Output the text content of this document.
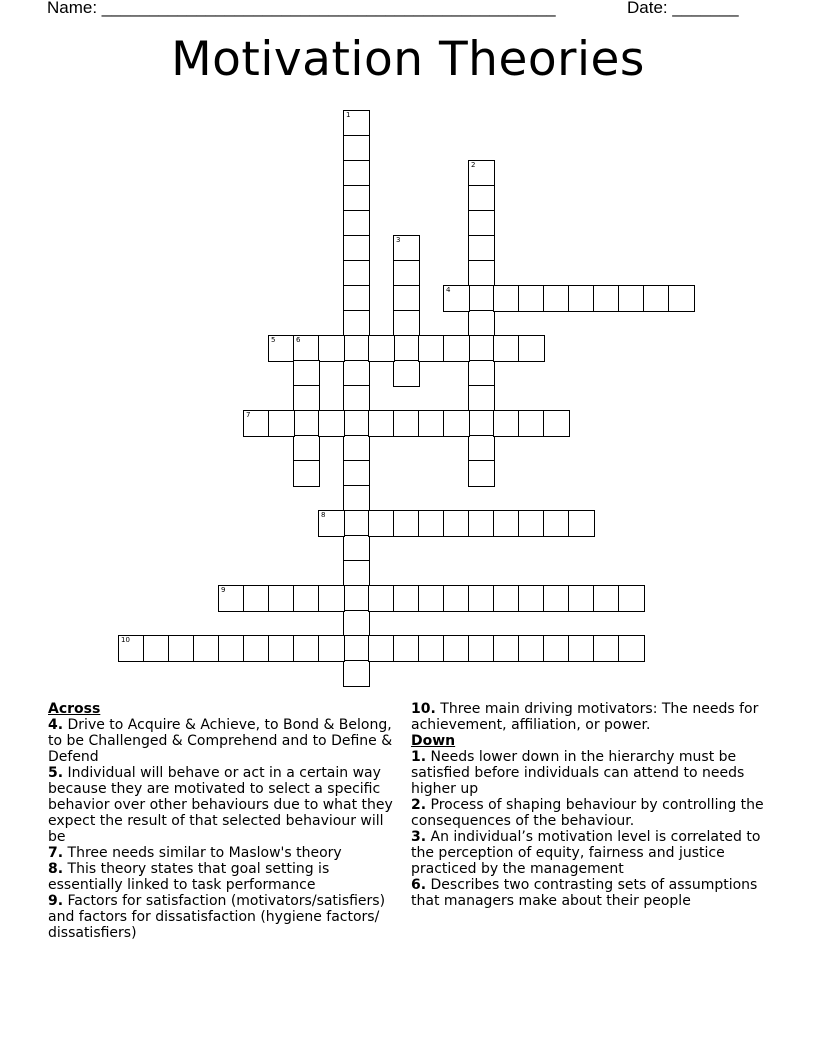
Name: ________________________________________________	Date: _______
Motivation Theories
1
2
3
4
5	6
7
8
9
10
Across
4. Drive to Acquire & Achieve, to Bond & Belong, to be Challenged & Comprehend and to Define & Defend
5. Individual will behave or act in a certain way because they are motivated to select a specific behavior over other behaviours due to what they expect the result of that selected behaviour will be
7. Three needs similar to Maslow's theory
8. This theory states that goal setting is essentially linked to task performance
9. Factors for satisfaction (motivators/satisfiers) and factors for dissatisfaction (hygiene factors/ dissatisfiers)
10. Three main driving motivators: The needs for achievement, affiliation, or power.
Down
1. Needs lower down in the hierarchy must be satisfied before individuals can attend to needs higher up
2. Process of shaping behaviour by controlling the consequences of the behaviour.
3. An individual’s motivation level is correlated to the perception of equity, fairness and justice practiced by the management
6. Describes two contrasting sets of assumptions that managers make about their people
